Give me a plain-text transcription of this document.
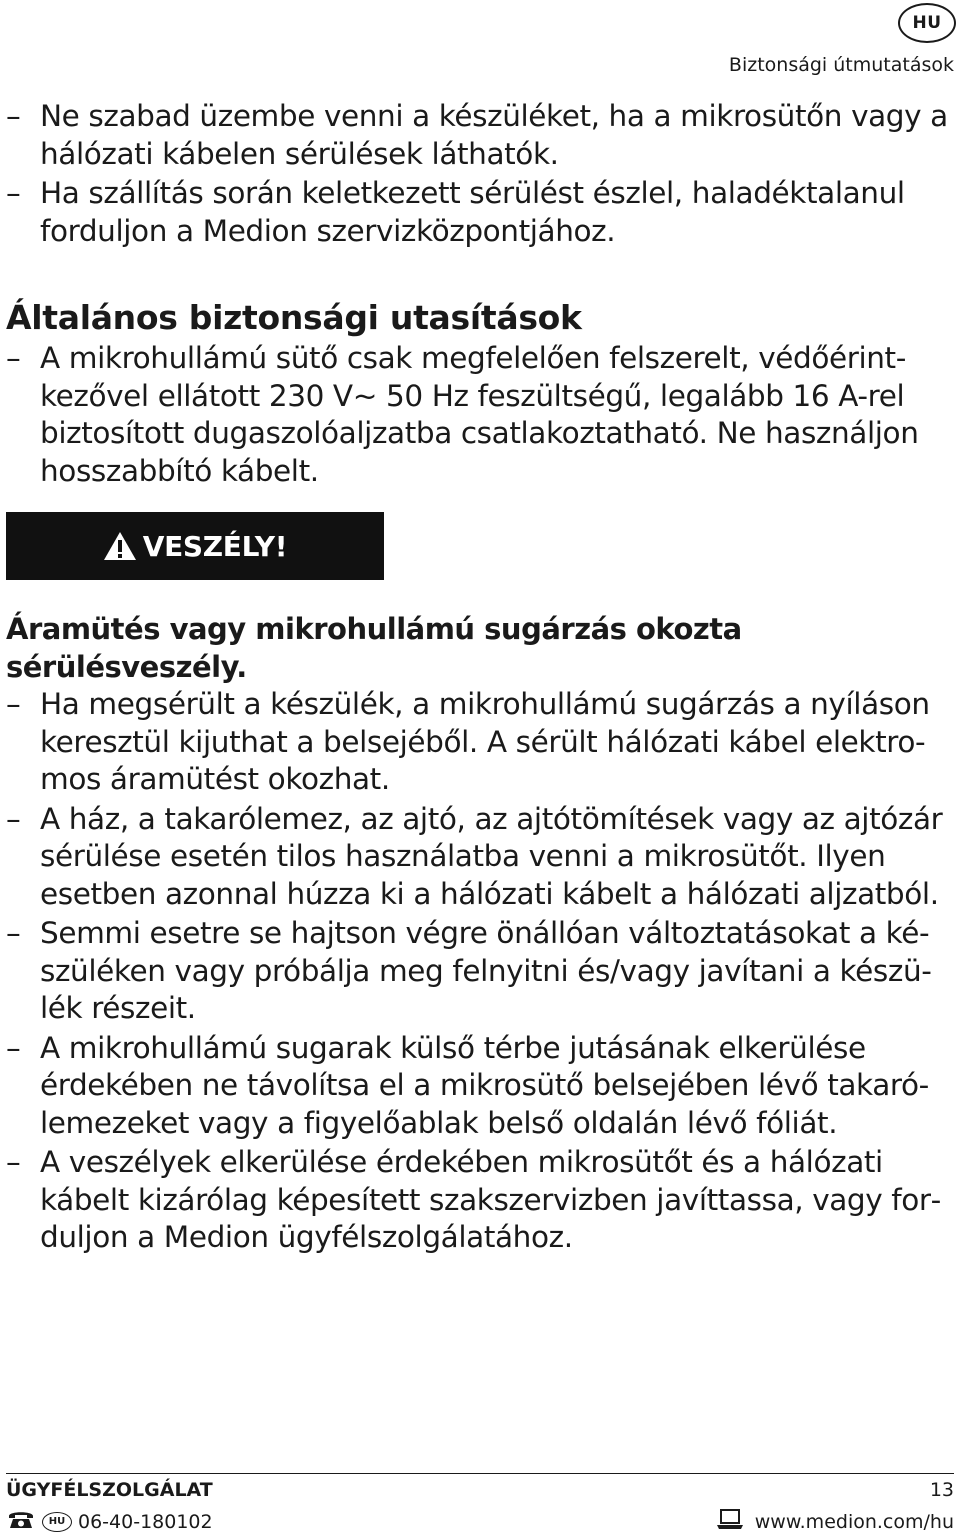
HU
Biztonsági útmutatások
– Ne szabad üzembe venni a készüléket, ha a mikrosütőn vagy a hálózati kábelen sérülések láthatók.
– Ha szállítás során keletkezett sérülést észlel, haladéktalanul forduljon a Medion szervizközpontjához.
Általános biztonsági utasítások
– A mikrohullámú sütő csak megfelelően felszerelt, védőérintkezővel ellátott 230 V~ 50 Hz feszültségű, legalább 16 A-rel biztosított dugaszolóaljzatba csatlakoztatható. Ne használjon hosszabbító kábelt.
VESZÉLY!
Áramütés vagy mikrohullámú sugárzás okozta sérülésveszély.
– Ha megsérült a készülék, a mikrohullámú sugárzás a nyíláson keresztül kijuthat a belsejéből. A sérült hálózati kábel elektromos áramütést okozhat.
– A ház, a takarólemez, az ajtó, az ajtótömítések vagy az ajtózár sérülése esetén tilos használatba venni a mikrosütőt. Ilyen esetben azonnal húzza ki a hálózati kábelt a hálózati aljzatból.
– Semmi esetre se hajtson végre önállóan változtatásokat a készüléken vagy próbálja meg felnyitni és/vagy javítani a készülék részeit.
– A mikrohullámú sugarak külső térbe jutásának elkerülése érdekében ne távolítsa el a mikrosütő belsejében lévő takarólemezeket vagy a figyelőablak belső oldalán lévő fóliát.
– A veszélyek elkerülése érdekében mikrosütőt és a hálózati kábelt kizárólag képesített szakszervizben javíttassa, vagy forduljon a Medion ügyfélszolgálatához.
ÜGYFÉLSZOLGÁLAT	13
HU 06-40-180102	www.medion.com/hu
